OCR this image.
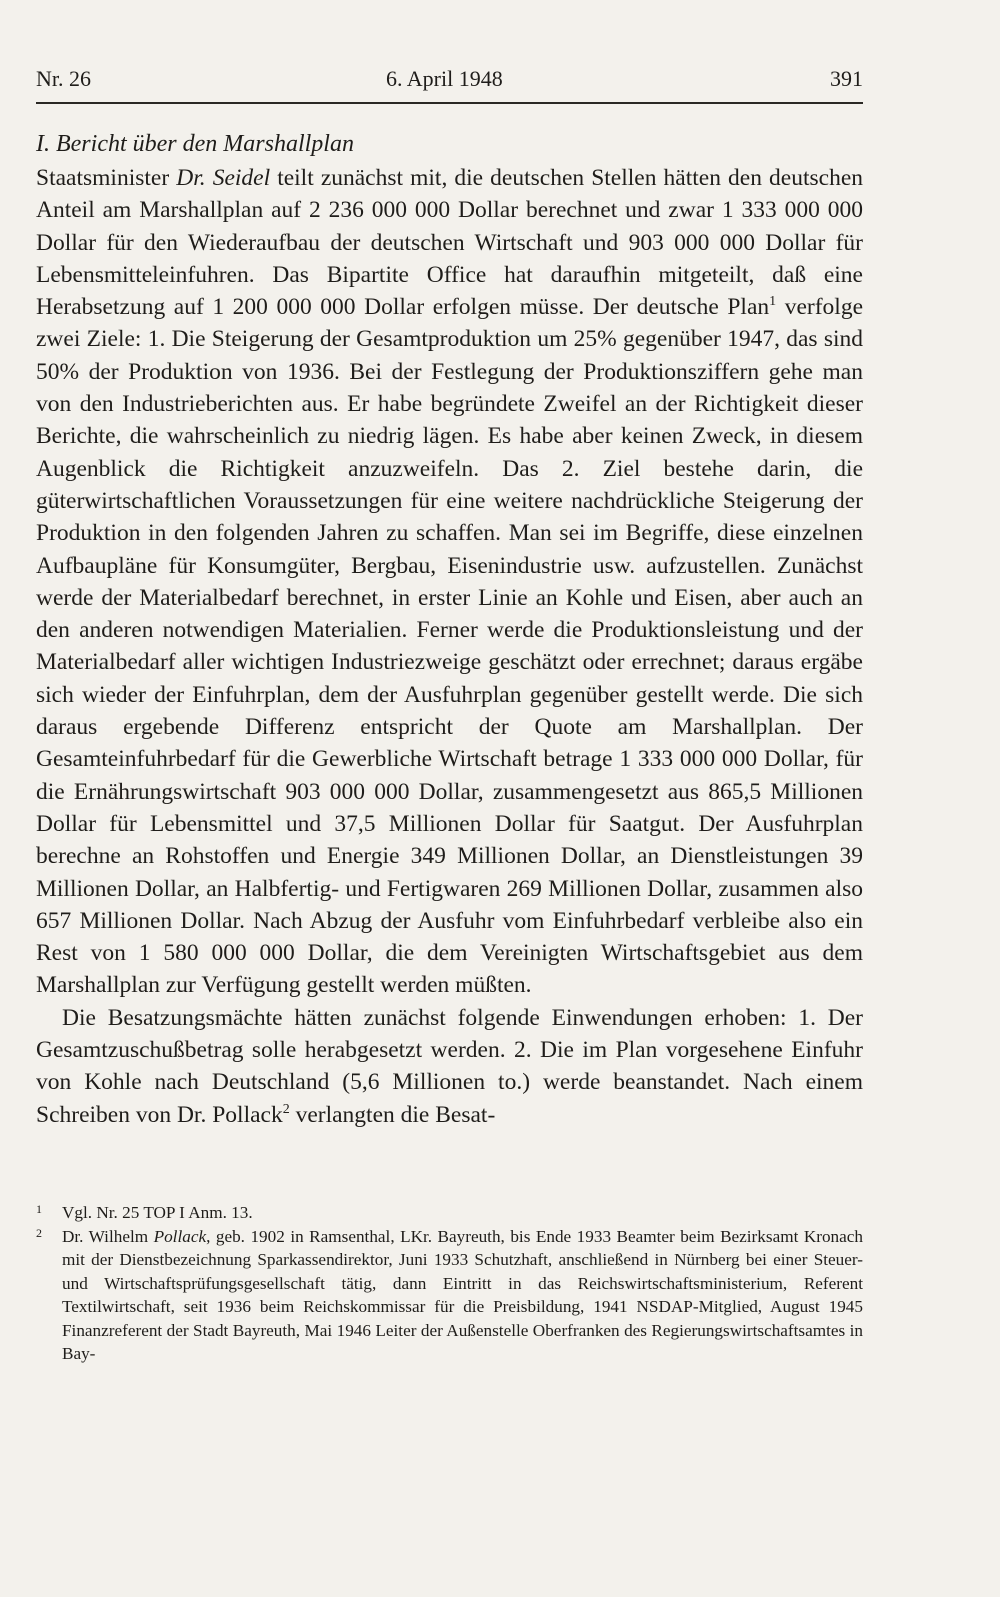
Nr. 26	6. April 1948	391
I. Bericht über den Marshallplan

Staatsminister Dr. Seidel teilt zunächst mit, die deutschen Stellen hätten den deutschen Anteil am Marshallplan auf 2 236 000 000 Dollar berechnet und zwar 1 333 000 000 Dollar für den Wiederaufbau der deutschen Wirtschaft und 903 000 000 Dollar für Lebensmitteleinfuhren. Das Bipartite Office hat daraufhin mitgeteilt, daß eine Herabsetzung auf 1 200 000 000 Dollar erfolgen müsse. Der deutsche Plan$^1$ verfolge zwei Ziele: 1. Die Steigerung der Gesamtproduktion um 25% gegenüber 1947, das sind 50% der Produktion von 1936. Bei der Festlegung der Produktionsziffern gehe man von den Industrieberichten aus. Er habe begründete Zweifel an der Richtigkeit dieser Berichte, die wahrscheinlich zu niedrig lägen. Es habe aber keinen Zweck, in diesem Augenblick die Richtigkeit anzuzweifeln. Das 2. Ziel bestehe darin, die güterwirtschaftlichen Voraussetzungen für eine weitere nachdrückliche Steigerung der Produktion in den folgenden Jahren zu schaffen. Man sei im Begriffe, diese einzelnen Aufbaupläne für Konsumgüter, Bergbau, Eisenindustrie usw. aufzustellen. Zunächst werde der Materialbedarf berechnet, in erster Linie an Kohle und Eisen, aber auch an den anderen notwendigen Materialien. Ferner werde die Produktionsleistung und der Materialbedarf aller wichtigen Industriezweige geschätzt oder errechnet; daraus ergäbe sich wieder der Einfuhrplan, dem der Ausfuhrplan gegenüber gestellt werde. Die sich daraus ergebende Differenz entspricht der Quote am Marshallplan. Der Gesamteinfuhrbedarf für die Gewerbliche Wirtschaft betrage 1 333 000 000 Dollar, für die Ernährungswirtschaft 903 000 000 Dollar, zusammengesetzt aus 865,5 Millionen Dollar für Lebensmittel und 37,5 Millionen Dollar für Saatgut. Der Ausfuhrplan berechne an Rohstoffen und Energie 349 Millionen Dollar, an Dienstleistungen 39 Millionen Dollar, an Halbfertig- und Fertigwaren 269 Millionen Dollar, zusammen also 657 Millionen Dollar. Nach Abzug der Ausfuhr vom Einfuhrbedarf verbleibe also ein Rest von 1 580 000 000 Dollar, die dem Vereinigten Wirtschaftsgebiet aus dem Marshallplan zur Verfügung gestellt werden müßten.

Die Besatzungsmächte hätten zunächst folgende Einwendungen erhoben: 1. Der Gesamtzuschußbetrag solle herabgesetzt werden. 2. Die im Plan vorgesehene Einfuhr von Kohle nach Deutschland (5,6 Millionen to.) werde beanstandet. Nach einem Schreiben von Dr. Pollack$^2$ verlangten die Besat-

1 Vgl. Nr. 25 TOP I Anm. 13.

2 Dr. Wilhelm Pollack, geb. 1902 in Ramsenthal, LKr. Bayreuth, bis Ende 1933 Beamter beim Bezirksamt Kronach mit der Dienstbezeichnung Sparkassendirektor, Juni 1933 Schutzhaft, anschließend in Nürnberg bei einer Steuer- und Wirtschaftsprüfungsgesellschaft tätig, dann Eintritt in das Reichswirtschaftsministerium, Referent Textilwirtschaft, seit 1936 beim Reichskommissar für die Preisbildung, 1941 NSDAP-Mitglied, August 1945 Finanzreferent der Stadt Bayreuth, Mai 1946 Leiter der Außenstelle Oberfranken des Regierungswirtschaftsamtes in Bay-
